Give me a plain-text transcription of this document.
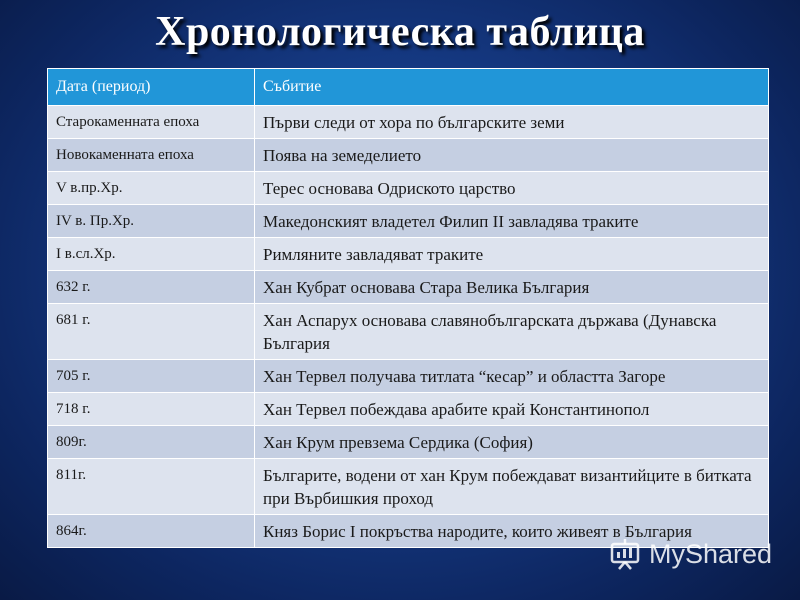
Хронологическа таблица
Дата (период)	Събитие
Старокаменната епоха	Първи следи от хора по българските земи
Новокаменната епоха	Поява на земеделието
V в.пр.Хр.	Терес основава Одриското царство
IV в. Пр.Хр.	Македонският владетел Филип II завладява траките
I в.сл.Хр.	Римляните завладяват траките
632 г.	Хан Кубрат основава Стара Велика България
681 г.	Хан Аспарух основава славянобългарската държава (Дунавска България
705 г.	Хан Тервел получава титлата “кесар” и областта Загоре
718 г.	Хан Тервел побеждава арабите край Константинопол
809г.	Хан Крум превзема Сердика (София)
811г.	Българите, водени от хан Крум побеждават византийците в битката при Върбишкия проход
864г.	Княз Борис I покръства народите, които живеят в България
MyShared
